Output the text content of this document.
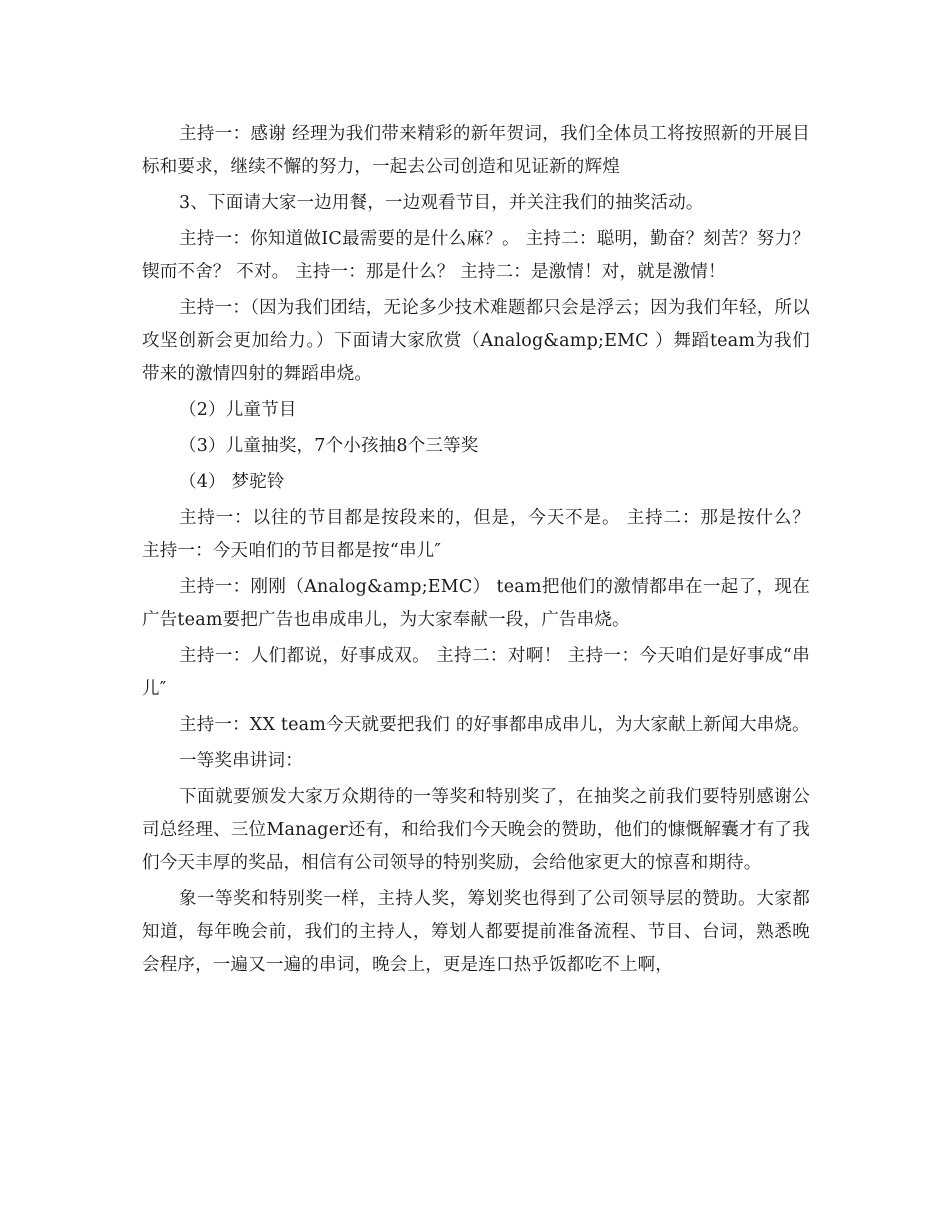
主持一：感谢 经理为我们带来精彩的新年贺词，我们全体员工将按照新的开展目标和要求，继续不懈的努力，一起去公司创造和见证新的辉煌

3、下面请大家一边用餐，一边观看节目，并关注我们的抽奖活动。

主持一：你知道做IC最需要的是什么麻？。 主持二：聪明，勤奋？刻苦？努力？锲而不舍？ 不对。 主持一：那是什么？ 主持二：是激情！对，就是激情！

主持一：（因为我们团结，无论多少技术难题都只会是浮云；因为我们年轻，所以攻坚创新会更加给力。）下面请大家欣赏（Analog&amp;EMC ）舞蹈team为我们带来的激情四射的舞蹈串烧。

（2）儿童节目

（3）儿童抽奖，7个小孩抽8个三等奖

（4） 梦驼铃

主持一：以往的节目都是按段来的，但是，今天不是。 主持二：那是按什么？ 主持一：今天咱们的节目都是按“串儿″

主持一：刚刚（Analog&amp;EMC） team把他们的激情都串在一起了，现在 广告team要把广告也串成串儿，为大家奉献一段，广告串烧。

主持一：人们都说，好事成双。 主持二：对啊！ 主持一：今天咱们是好事成“串儿″

主持一：XX team今天就要把我们 的好事都串成串儿，为大家献上新闻大串烧。

一等奖串讲词：

下面就要颁发大家万众期待的一等奖和特别奖了，在抽奖之前我们要特别感谢公司总经理、三位Manager还有，和给我们今天晚会的赞助，他们的慷慨解囊才有了我们今天丰厚的奖品，相信有公司领导的特别奖励，会给他家更大的惊喜和期待。

象一等奖和特别奖一样，主持人奖，筹划奖也得到了公司领导层的赞助。大家都知道，每年晚会前，我们的主持人，筹划人都要提前准备流程、节目、台词，熟悉晚会程序，一遍又一遍的串词，晚会上，更是连口热乎饭都吃不上啊，
